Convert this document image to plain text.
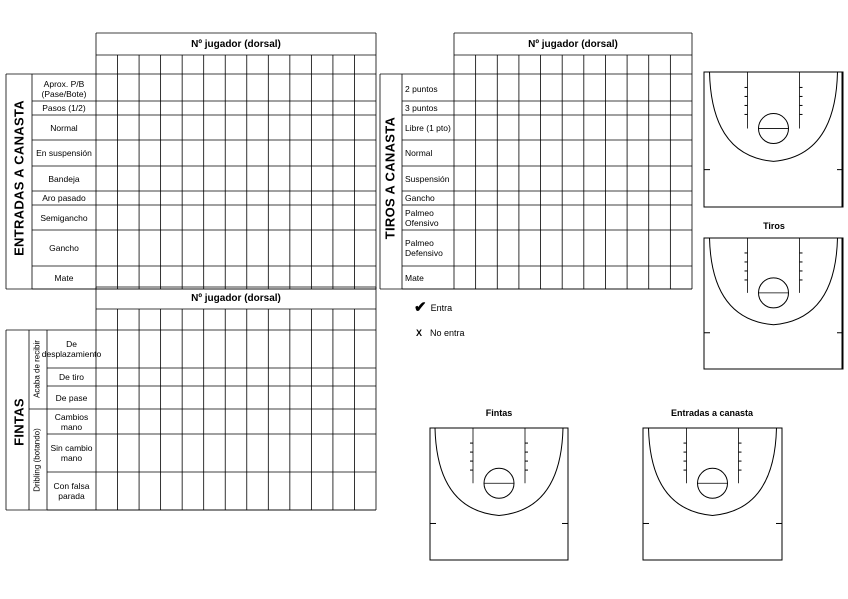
Nº jugador (dorsal)
ENTRADAS A CANASTA
Aprox. P/B (Pase/Bote)
Pasos (1/2)
Normal
En suspensión
Bandeja
Aro pasado
Semigancho
Gancho
Mate
Nº jugador (dorsal)
TIROS A CANASTA
2 puntos
3 puntos
Libre (1 pto)
Normal
Suspensión
Gancho
Palmeo Ofensivo
Palmeo Defensivo
Mate
Nº jugador (dorsal)
FINTAS
Acaba de recibir
Dribling (botando)
De desplazamiento
De tiro
De pase
Cambios mano
Sin cambio mano
Con falsa parada
✔ Entra
X No entra
Tiros
Fintas	Entradas a canasta
